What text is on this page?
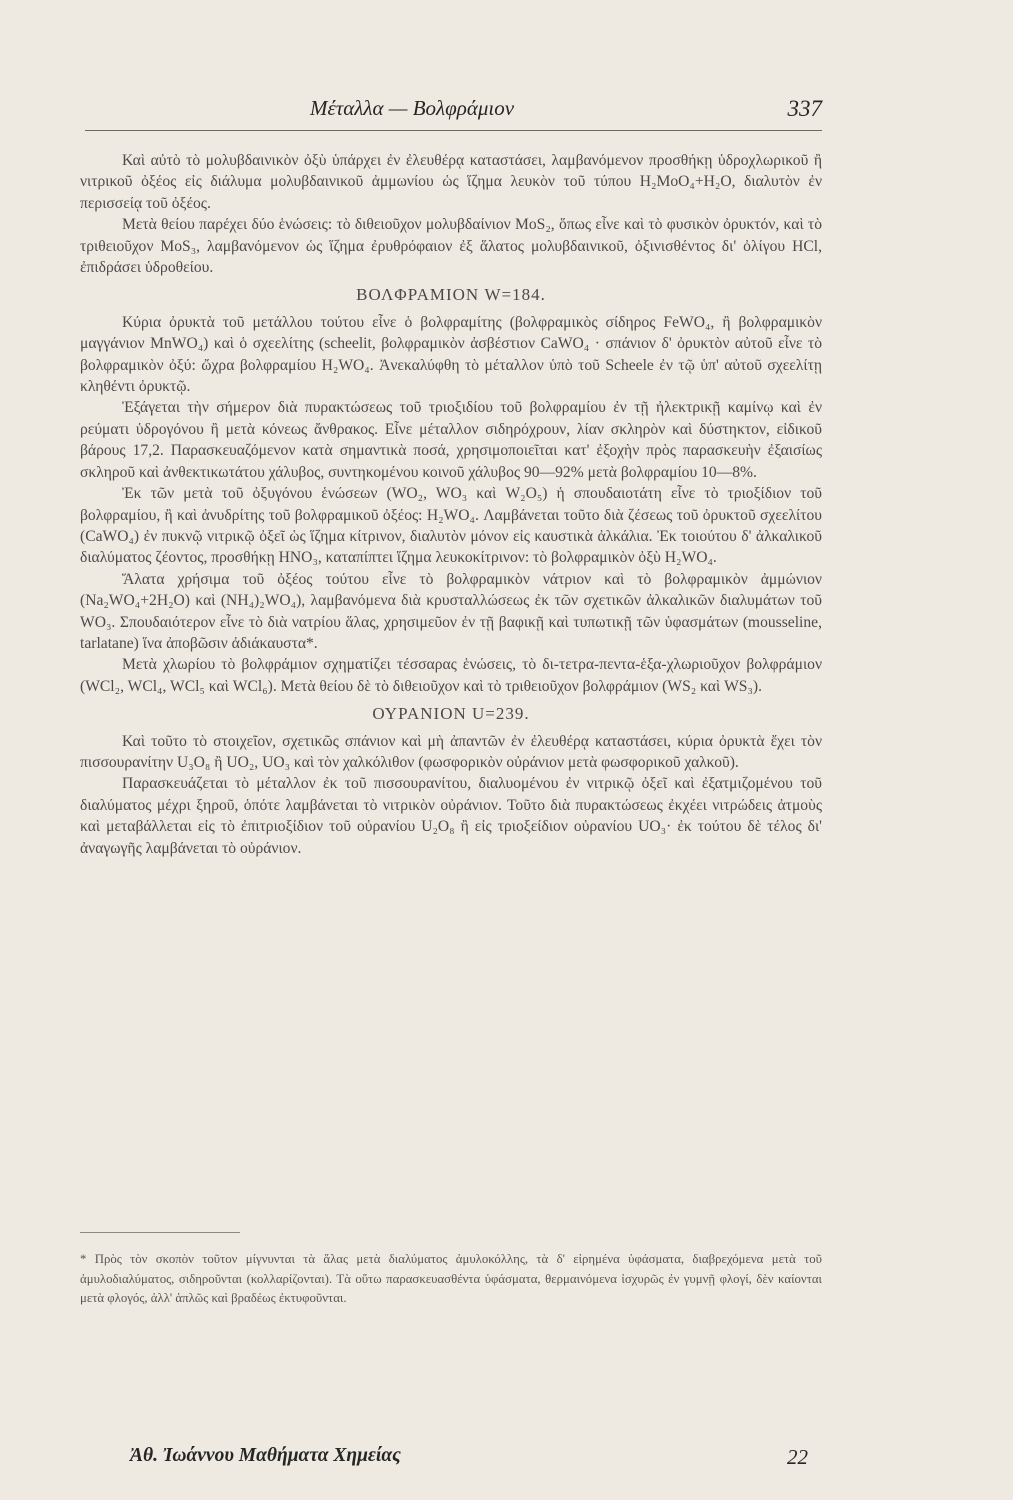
Μέταλλα — Βολφράμιον	337

Καὶ αὐτὸ τὸ μολυβδαινικὸν ὀξὺ ὑπάρχει ἐν ἐλευθέρᾳ καταστάσει, λαμβανόμενον προσθήκῃ ὑδροχλωρικοῦ ἢ νιτρικοῦ ὀξέος εἰς διάλυμα μολυβδαινικοῦ ἀμμωνίου ὡς ἵζημα λευκὸν τοῦ τύπου H₂MoO₄+H₂O, διαλυτὸν ἐν περισσείᾳ τοῦ ὀξέος.

Μετὰ θείου παρέχει δύο ἑνώσεις: τὸ διθειοῦχον μολυβδαίνιον MoS₂, ὅπως εἶνε καὶ τὸ φυσικὸν ὀρυκτόν, καὶ τὸ τριθειοῦχον MoS₃, λαμβανόμενον ὡς ἵζημα ἐρυθρόφαιον ἐξ ἅλατος μολυβδαινικοῦ, ὀξινισθέντος δι' ὀλίγου HCl, ἐπιδράσει ὑδροθείου.

ΒΟΛΦΡΑΜΙΟΝ W=184.

Κύρια ὀρυκτὰ τοῦ μετάλλου τούτου εἶνε ὁ βολφραμίτης (βολφραμικὸς σίδηρος FeWO₄, ἢ βολφραμικὸν μαγγάνιον MnWO₄) καὶ ὁ σχεελίτης (scheelit, βολφραμικὸν ἀσβέστιον CaWO₄ · σπάνιον δ' ὀρυκτὸν αὐτοῦ εἶνε τὸ βολφραμικὸν ὀξύ: ὤχρα βολφραμίου H₂WO₄. Ἀνεκαλύφθη τὸ μέταλλον ὑπὸ τοῦ Scheele ἐν τῷ ὑπ' αὐτοῦ σχεελίτῃ κληθέντι ὀρυκτῷ.

Ἐξάγεται τὴν σήμερον διὰ πυρακτώσεως τοῦ τριοξιδίου τοῦ βολφραμίου ἐν τῇ ἠλεκτρικῇ καμίνῳ καὶ ἐν ρεύματι ὑδρογόνου ἢ μετὰ κόνεως ἄνθρακος. Εἶνε μέταλλον σιδηρόχρουν, λίαν σκληρὸν καὶ δύστηκτον, εἰδικοῦ βάρους 17,2. Παρασκευαζόμενον κατὰ σημαντικὰ ποσά, χρησιμοποιεῖται κατ' ἐξοχὴν πρὸς παρασκευὴν ἐξαισίως σκληροῦ καὶ ἀνθεκτικωτάτου χάλυβος, συντηκομένου κοινοῦ χάλυβος 90—92% μετὰ βολφραμίου 10—8%.

Ἐκ τῶν μετὰ τοῦ ὀξυγόνου ἑνώσεων (WO₂, WO₃ καὶ W₂O₅) ἡ σπουδαιοτάτη εἶνε τὸ τριοξίδιον τοῦ βολφραμίου, ἢ καὶ ἀνυδρίτης τοῦ βολφραμικοῦ ὀξέος: H₂WO₄. Λαμβάνεται τοῦτο διὰ ζέσεως τοῦ ὀρυκτοῦ σχεελίτου (CaWO₄) ἐν πυκνῷ νιτρικῷ ὀξεῖ ὡς ἵζημα κίτρινον, διαλυτὸν μόνον εἰς καυστικὰ ἀλκάλια. Ἐκ τοιούτου δ' ἀλκαλικοῦ διαλύματος ζέοντος, προσθήκῃ HNO₃, καταπίπτει ἵζημα λευκοκίτρινον: τὸ βολφραμικὸν ὀξὺ H₂WO₄.

Ἅλατα χρήσιμα τοῦ ὀξέος τούτου εἶνε τὸ βολφραμικὸν νάτριον καὶ τὸ βολφραμικὸν ἀμμώνιον (Na₂WO₄+2H₂O) καὶ (NH₄)₂WO₄), λαμβανόμενα διὰ κρυσταλλώσεως ἐκ τῶν σχετικῶν ἀλκαλικῶν διαλυμάτων τοῦ WO₃. Σπουδαιότερον εἶνε τὸ διὰ νατρίου ἅλας, χρησιμεῦον ἐν τῇ βαφικῇ καὶ τυπωτικῇ τῶν ὑφασμάτων (mousseline, tarlatane) ἵνα ἀποβῶσιν ἀδιάκαυστα*.

Μετὰ χλωρίου τὸ βολφράμιον σχηματίζει τέσσαρας ἑνώσεις, τὸ δι-τετρα-πεντα-ἑξα-χλωριοῦχον βολφράμιον (WCl₂, WCl₄, WCl₅ καὶ WCl₆). Μετὰ θείου δὲ τὸ διθειοῦχον καὶ τὸ τριθειοῦχον βολφράμιον (WS₂ καὶ WS₃).

ΟΥΡΑΝΙΟΝ U=239.

Καὶ τοῦτο τὸ στοιχεῖον, σχετικῶς σπάνιον καὶ μὴ ἀπαντῶν ἐν ἐλευθέρᾳ καταστάσει, κύρια ὀρυκτὰ ἔχει τὸν πισσουρανίτην U₃O₈ ἢ UO₂, UO₃ καὶ τὸν χαλκόλιθον (φωσφορικὸν οὐράνιον μετὰ φωσφορικοῦ χαλκοῦ).

Παρασκευάζεται τὸ μέταλλον ἐκ τοῦ πισσουρανίτου, διαλυομένου ἐν νιτρικῷ ὀξεῖ καὶ ἐξατμιζομένου τοῦ διαλύματος μέχρι ξηροῦ, ὁπότε λαμβάνεται τὸ νιτρικὸν οὐράνιον. Τοῦτο διὰ πυρακτώσεως ἐκχέει νιτρώδεις ἀτμοὺς καὶ μεταβάλλεται εἰς τὸ ἐπιτριοξίδιον τοῦ οὐρανίου U₂O₈ ἢ εἰς τριοξείδιον οὐρανίου UO₃· ἐκ τούτου δὲ τέλος δι' ἀναγωγῆς λαμβάνεται τὸ οὐράνιον.

* Πρὸς τὸν σκοπὸν τοῦτον μίγνυνται τὰ ἅλας μετὰ διαλύματος ἀμυλοκόλλης, τὰ δ' εἰρημένα ὑφάσματα, διαβρεχόμενα μετὰ τοῦ ἀμυλοδιαλύματος, σιδηροῦνται (κολλαρίζονται). Τὰ οὕτω παρασκευασθέντα ὑφάσματα, θερμαινόμενα ἰσχυρῶς ἐν γυμνῇ φλογί, δὲν καίονται μετὰ φλογός, ἀλλ' ἁπλῶς καὶ βραδέως ἐκτυφοῦνται.
Ἀθ. Ἰωάννου Μαθήματα Χημείας	22
